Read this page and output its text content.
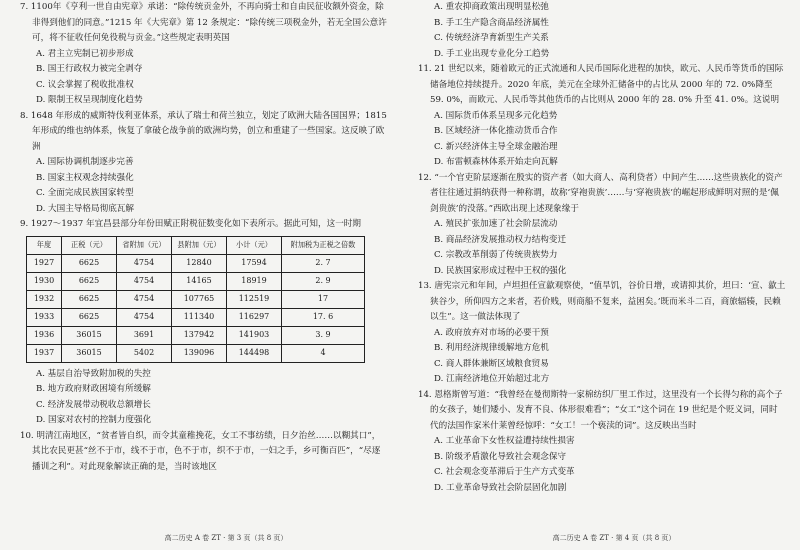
7. 1100年《亨利一世自由宪章》承诺：“除传统贡金外，不再向骑士和自由民征收额外资金，除非得到他们的同意。”1215 年《大宪章》第 12 条规定：“除传统三项税金外，若无全国公意许可，将不征收任何免役税与贡金。”这些规定表明英国

A. 君主立宪制已初步形成

B. 国王行政权力被完全剥夺

C. 议会掌握了税收批准权

D. 限制王权呈现制度化趋势

8. 1648 年形成的威斯特伐利亚体系，承认了瑞士和荷兰独立，划定了欧洲大陆各国国界；1815 年形成的维也纳体系，恢复了拿破仑战争前的欧洲均势，创立和重建了一些国家。这反映了欧洲

A. 国际协调机制逐步完善

B. 国家主权观念持续强化

C. 全面完成民族国家转型

D. 大国主导格局彻底瓦解

9. 1927～1937 年宜昌县部分年份田赋正附税征数变化如下表所示。据此可知，这一时期

年度	正税（元）	省附加（元）	县附加（元）	小计（元）	附加税为正税之倍数
1927	6625	4754	12840	17594	2. 7
1930	6625	4754	14165	18919	2. 9
1932	6625	4754	107765	112519	17
1933	6625	4754	111340	116297	17. 6
1936	36015	3691	137942	141903	3. 9
1937	36015	5402	139096	144498	4

A. 基层自治导致附加税的失控

B. 地方政府财政困境有所缓解

C. 经济发展带动税收总额增长

D. 国家对农村的控制力度强化

10. 明清江南地区，“贫者皆自织，而令其童稚挽花，女工不事纺绩，日夕治丝……以糊其口”，其比农民更甚“丝不于市，线不于市，色不于市，织不于市，一妇之手，乡可衡百匹”，“尽逐播训之利”。对此现象解读正确的是，当时该地区

高二历史 A 卷 ZT · 第 3 页（共 8 页）

A. 重农抑商政策出现明显松弛

B. 手工生产隐含商品经济属性

C. 传统经济孕育新型生产关系

D. 手工业出现专业化分工趋势

11. 21 世纪以来，随着欧元的正式流通和人民币国际化进程的加快，欧元、人民币等货币的国际储备地位持续提升。2020 年底，美元在全球外汇储备中的占比从 2000 年的 72. 0%降至 59. 0%，而欧元、人民币等其他货币的占比则从 2000 年的 28. 0% 升至 41. 0%。这说明

A. 国际货币体系呈现多元化趋势

B. 区域经济一体化推动货币合作

C. 新兴经济体主导全球金融治理

D. 布雷顿森林体系开始走向瓦解

12. “一个官吏阶层逐渐在殷实的资产者（如大商人、高利贷者）中间产生……这些贵族化的资产者往往通过捐纳获得一种称谓，故称‘穿袍贵族’……与‘穿袍贵族’的崛起形成鲜明对照的是‘佩剑贵族’的没落。”西欧出现上述现象缘于

A. 殖民扩张加速了社会阶层流动

B. 商品经济发展推动权力结构变迁

C. 宗教改革削弱了传统贵族势力

D. 民族国家形成过程中王权的强化

13. 唐宪宗元和年间，卢坦担任宣歙观察使，“值旱饥，谷价日增，或请抑其价，坦曰：‘宣、歙土狭谷少，所仰四方之来者，若价贱，则商船不复来，益困矣。’既而米斗二百，商旅辐辏，民赖以生”。这一做法体现了

A. 政府放弃对市场的必要干预

B. 利用经济规律缓解地方危机

C. 商人群体兼断区域粮食贸易

D. 江南经济地位开始超过北方

14. 恩格斯曾写道：“我曾经在曼彻斯特一家棉纺织厂里工作过，这里没有一个长得匀称的高个子的女孩子，她们矮小、发育不良、体形很难看”；“女工”这个词在 19 世纪是个贬义词，同时代的法国作家米什莱曾经惊呼：“女工！一个亵渎的词”。这反映出当时

A. 工业革命下女性权益遭持续性损害

B. 阶级矛盾激化导致社会观念保守

C. 社会观念变革滞后于生产方式变革

D. 工业革命导致社会阶层固化加剧

高二历史 A 卷 ZT · 第 4 页（共 8 页）
